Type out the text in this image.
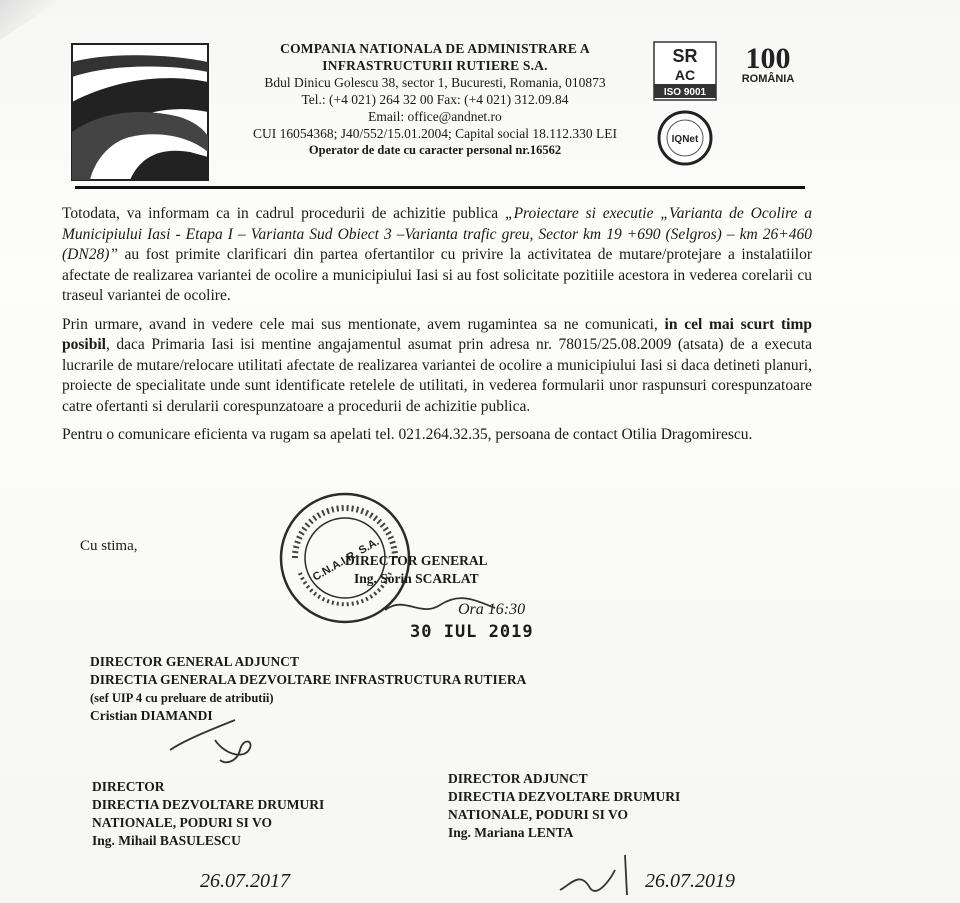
COMPANIA NATIONALA DE ADMINISTRARE A
INFRASTRUCTURII RUTIERE S.A.
Bdul Dinicu Golescu 38, sector 1, Bucuresti, Romania, 010873
Tel.: (+4 021) 264 32 00 Fax: (+4 021) 312.09.84
Email: office@andnet.ro
CUI 16054368; J40/552/15.01.2004; Capital social 18.112.330 LEI
Operator de date cu caracter personal nr.16562
SR
AC
ISO 9001
100
ROMÂNIA
IQNet

Totodata, va informam ca in cadrul procedurii de achizitie publica „Proiectare si executie „Varianta de Ocolire a Municipiului Iasi - Etapa I – Varianta Sud Obiect 3 –Varianta trafic greu, Sector km 19 +690 (Selgros) – km 26+460 (DN28)” au fost primite clarificari din partea ofertantilor cu privire la activitatea de mutare/protejare a instalatiilor afectate de realizarea variantei de ocolire a municipiului Iasi si au fost solicitate pozitiile acestora in vederea corelarii cu traseul variantei de ocolire.

Prin urmare, avand in vedere cele mai sus mentionate, avem rugamintea sa ne comunicati, in cel mai scurt timp posibil, daca Primaria Iasi isi mentine angajamentul asumat prin adresa nr. 78015/25.08.2009 (atsata) de a executa lucrarile de mutare/relocare utilitati afectate de realizarea variantei de ocolire a municipiului Iasi si daca detineti planuri, proiecte de specialitate unde sunt identificate retelele de utilitati, in vederea formularii unor raspunsuri corespunzatoare catre ofertanti si derularii corespunzatoare a procedurii de achizitie publica.

Pentru o comunicare eficienta va rugam sa apelati tel. 021.264.32.35, persoana de contact Otilia Dragomirescu.

Cu stima,	C.N.A.I.R. S.A.
DIRECTOR GENERAL
Ing. Sorin SCARLAT
Ora 16:30
30 IUL 2019
DIRECTOR GENERAL ADJUNCT
DIRECTIA GENERALA DEZVOLTARE INFRASTRUCTURA RUTIERA
(sef UIP 4 cu preluare de atributii)
Cristian DIAMANDI
DIRECTOR
DIRECTIA DEZVOLTARE DRUMURI
NATIONALE, PODURI SI VO
Ing. Mihail BASULESCU
26.07.2017
DIRECTOR ADJUNCT
DIRECTIA DEZVOLTARE DRUMURI
NATIONALE, PODURI SI VO
Ing. Mariana LENTA
26.07.2019
